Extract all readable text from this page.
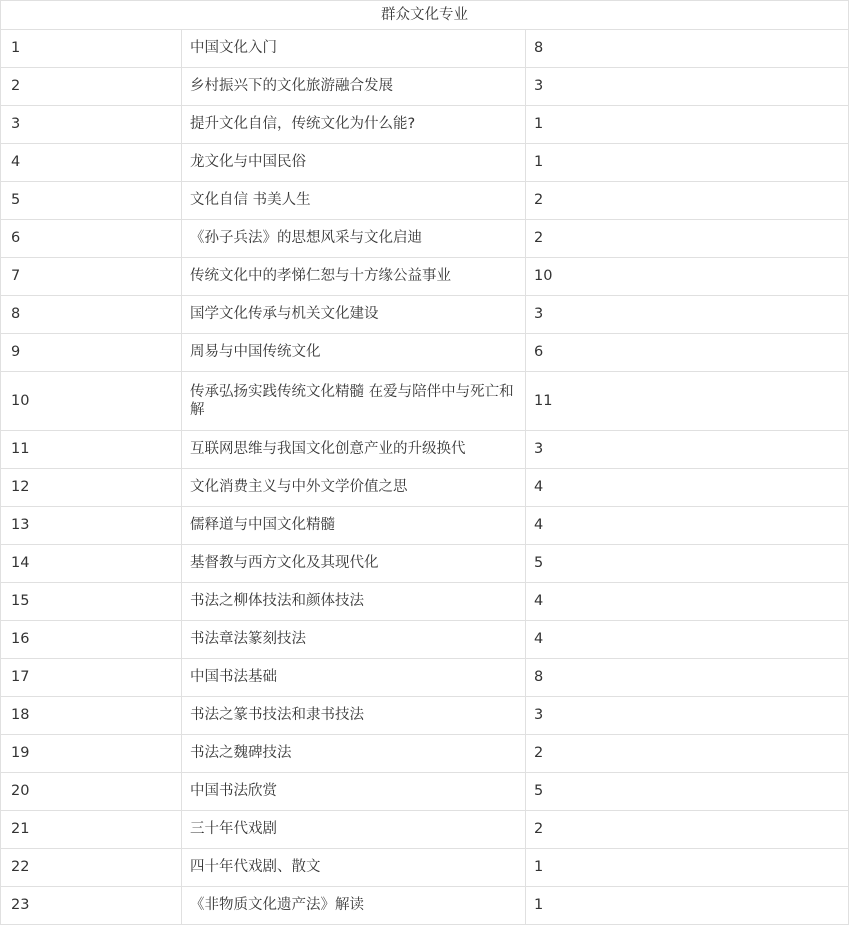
群众文化专业		
1	中国文化入门	8
2	乡村振兴下的文化旅游融合发展	3
3	提升文化自信，传统文化为什么能?	1
4	龙文化与中国民俗	1
5	文化自信 书美人生	2
6	《孙子兵法》的思想风采与文化启迪	2
7	传统文化中的孝悌仁恕与十方缘公益事业	10
8	国学文化传承与机关文化建设	3
9	周易与中国传统文化	6
10	传承弘扬实践传统文化精髓 在爱与陪伴中与死亡和解	11
11	互联网思维与我国文化创意产业的升级换代	3
12	文化消费主义与中外文学价值之思	4
13	儒释道与中国文化精髓	4
14	基督教与西方文化及其现代化	5
15	书法之柳体技法和颜体技法	4
16	书法章法篆刻技法	4
17	中国书法基础	8
18	书法之篆书技法和隶书技法	3
19	书法之魏碑技法	2
20	中国书法欣赏	5
21	三十年代戏剧	2
22	四十年代戏剧、散文	1
23	《非物质文化遗产法》解读	1
